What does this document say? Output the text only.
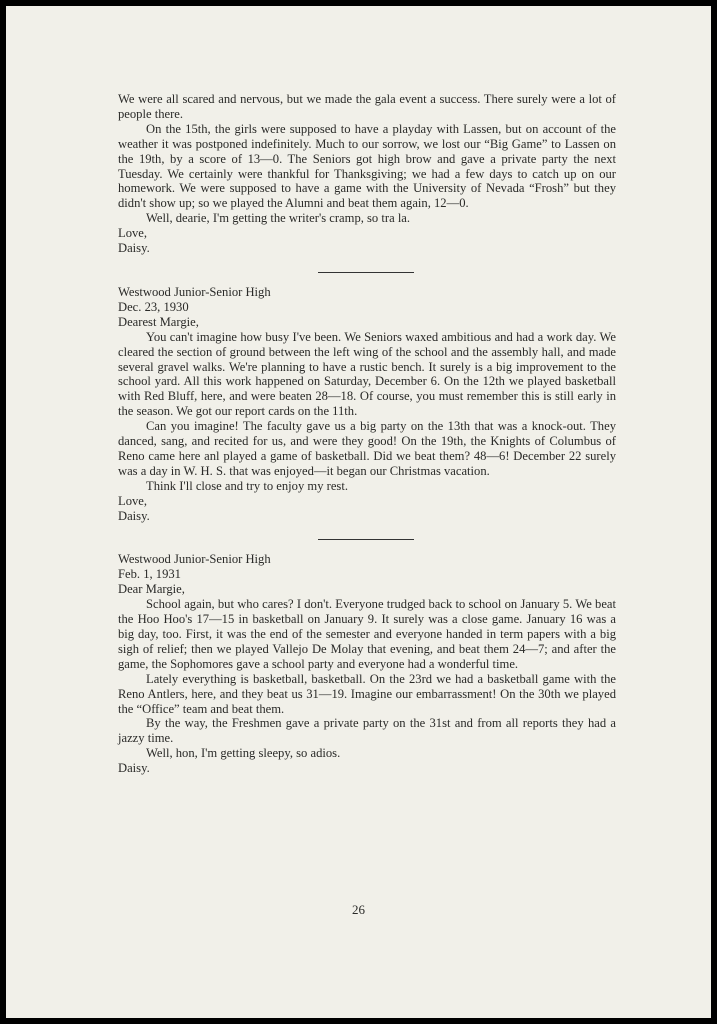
We were all scared and nervous, but we made the gala event a success. There surely were a lot of people there.

On the 15th, the girls were supposed to have a playday with Lassen, but on account of the weather it was postponed indefinitely. Much to our sorrow, we lost our “Big Game” to Lassen on the 19th, by a score of 13—0. The Seniors got high brow and gave a private party the next Tuesday. We certainly were thankful for Thanksgiving; we had a few days to catch up on our homework. We were supposed to have a game with the University of Nevada “Frosh” but they didn't show up; so we played the Alumni and beat them again, 12—0.

Well, dearie, I'm getting the writer's cramp, so tra la.

Love,

Daisy.

Westwood Junior-Senior High

Dec. 23, 1930

Dearest Margie,

You can't imagine how busy I've been. We Seniors waxed ambitious and had a work day. We cleared the section of ground between the left wing of the school and the assembly hall, and made several gravel walks. We're planning to have a rustic bench. It surely is a big improvement to the school yard. All this work happened on Saturday, December 6. On the 12th we played basketball with Red Bluff, here, and were beaten 28—18. Of course, you must remember this is still early in the season. We got our report cards on the 11th.

Can you imagine! The faculty gave us a big party on the 13th that was a knock-out. They danced, sang, and recited for us, and were they good! On the 19th, the Knights of Columbus of Reno came here anl played a game of basketball. Did we beat them? 48—6! December 22 surely was a day in W. H. S. that was enjoyed—it began our Christmas vacation.

Think I'll close and try to enjoy my rest.

Love,

Daisy.

Westwood Junior-Senior High

Feb. 1, 1931

Dear Margie,

School again, but who cares? I don't. Everyone trudged back to school on January 5. We beat the Hoo Hoo's 17—15 in basketball on January 9. It surely was a close game. January 16 was a big day, too. First, it was the end of the semester and everyone handed in term papers with a big sigh of relief; then we played Vallejo De Molay that evening, and beat them 24—7; and after the game, the Sophomores gave a school party and everyone had a wonderful time.

Lately everything is basketball, basketball. On the 23rd we had a basketball game with the Reno Antlers, here, and they beat us 31—19. Imagine our embarrassment! On the 30th we played the “Office” team and beat them.

By the way, the Freshmen gave a private party on the 31st and from all reports they had a jazzy time.

Well, hon, I'm getting sleepy, so adios.

Daisy.

26
